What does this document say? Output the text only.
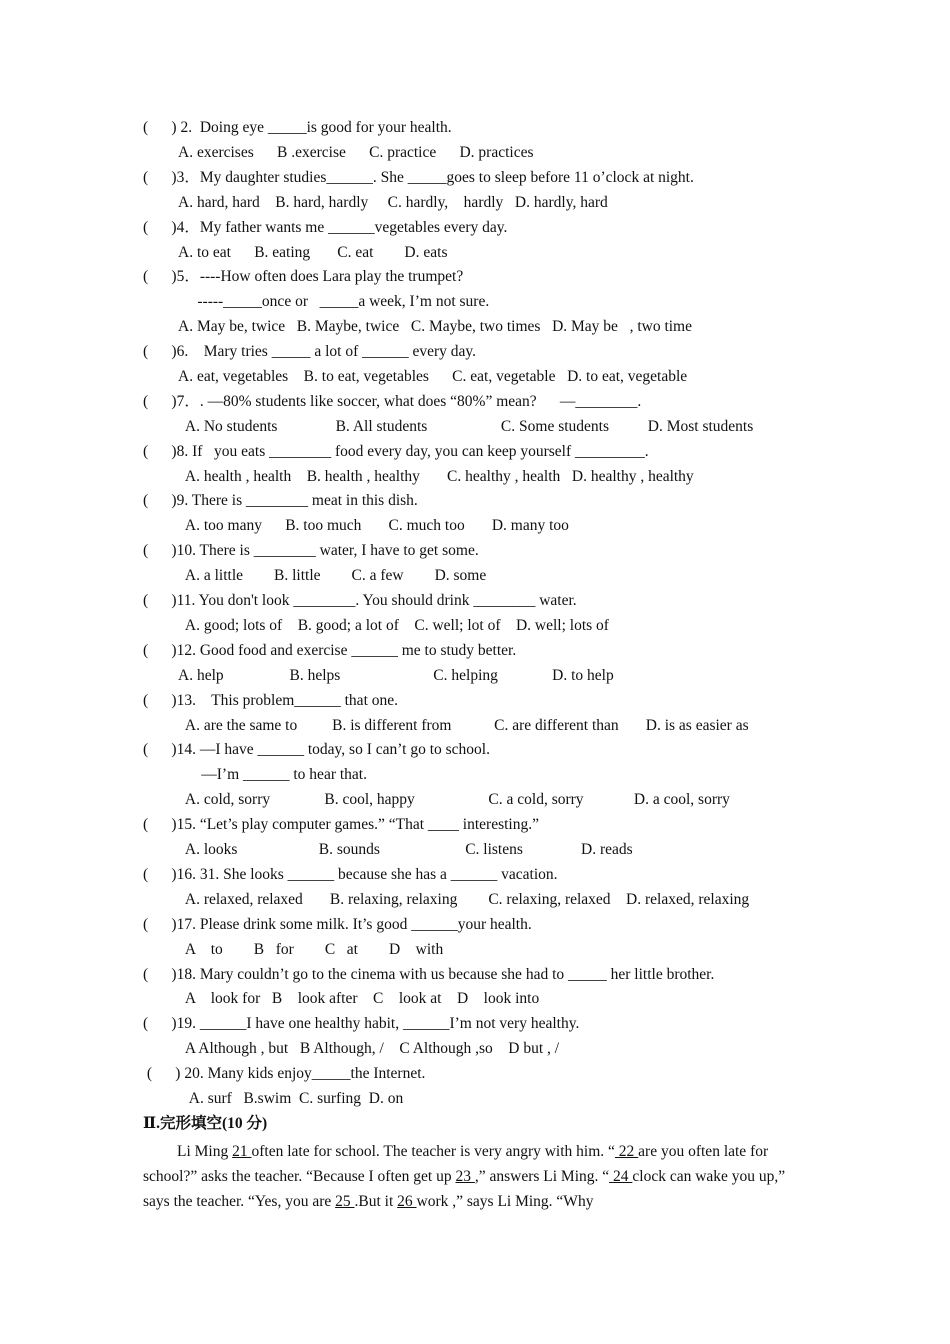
(      ) 2.  Doing eye _____is good for your health.
A. exercises      B .exercise      C. practice      D. practices
(      )3．My daughter studies______. She _____goes to sleep before 11 o’clock at night.
A. hard, hard    B. hard, hardly     C. hardly,    hardly   D. hardly, hard
(      )4．My father wants me ______vegetables every day.
A. to eat      B. eating       C. eat        D. eats
(      )5．----How often does Lara play the trumpet?
-----_____once or   _____a week, I’m not sure.
A. May be, twice   B. Maybe, twice   C. Maybe, two times   D. May be   , two time
(      )6.    Mary tries _____ a lot of ______ every day.
A. eat, vegetables    B. to eat, vegetables      C. eat, vegetable   D. to eat, vegetable
(      )7．. —80% students like soccer, what does “80%” mean?      —________.
A. No students               B. All students                   C. Some students          D. Most students
(      )8. If   you eats ________ food every day, you can keep yourself _________.
A. health , health    B. health , healthy       C. healthy , health   D. healthy , healthy
(      )9. There is ________ meat in this dish.
A. too many      B. too much       C. much too       D. many too
(      )10. There is ________ water, I have to get some.
A. a little        B. little        C. a few        D. some
(      )11. You don't look ________. You should drink ________ water.
A. good; lots of    B. good; a lot of    C. well; lot of    D. well; lots of
(      )12. Good food and exercise ______ me to study better.
A. help                 B. helps                        C. helping              D. to help
(      )13.    This problem______ that one.
A. are the same to         B. is different from           C. are different than       D. is as easier as
(      )14. —I have ______ today, so I can’t go to school.
—I’m ______ to hear that.
A. cold, sorry              B. cool, happy                   C. a cold, sorry             D. a cool, sorry
(      )15. “Let’s play computer games.” “That ____ interesting.”
A. looks                     B. sounds                      C. listens               D. reads
(      )16. 31. She looks ______ because she has a ______ vacation.
A. relaxed, relaxed       B. relaxing, relaxing        C. relaxing, relaxed    D. relaxed, relaxing
(      )17. Please drink some milk. It’s good ______your health.
A    to        B   for        C   at        D    with
(      )18. Mary couldn’t go to the cinema with us because she had to _____ her little brother.
A    look for   B    look after    C    look at    D    look into
(      )19. ______I have one healthy habit, ______I’m not very healthy.
A Although , but   B Although, /    C Although ,so    D but , /
(      ) 20. Many kids enjoy_____the Internet.
A. surf   B.swim  C. surfing  D. on
Ⅱ.完形填空(10 分)
Li Ming 21 often late for school. The teacher is very angry with him. “ 22 are you often late for school?” asks the teacher. “Because I often get up 23 ,” answers Li Ming. “ 24 clock can wake you up,” says the teacher. “Yes, you are 25 .But it 26 work ,” says Li Ming. “Why
